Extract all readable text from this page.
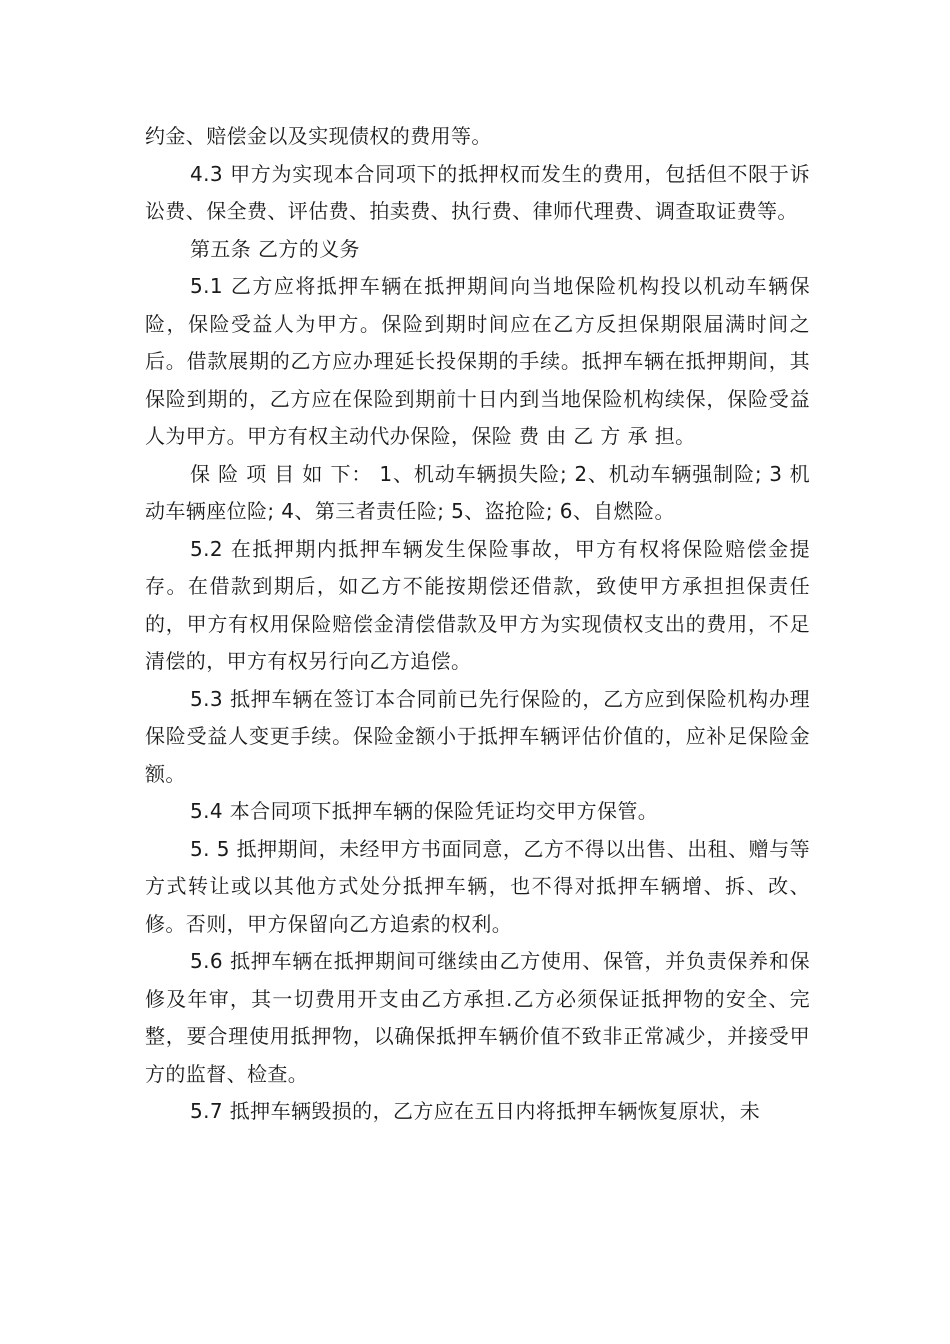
约金、赔偿金以及实现债权的费用等。

4.3 甲方为实现本合同项下的抵押权而发生的费用，包括但不限于诉讼费、保全费、评估费、拍卖费、执行费、律师代理费、调查取证费等。

第五条 乙方的义务

5.1 乙方应将抵押车辆在抵押期间向当地保险机构投以机动车辆保险，保险受益人为甲方。保险到期时间应在乙方反担保期限届满时间之后。借款展期的乙方应办理延长投保期的手续。抵押车辆在抵押期间，其保险到期的，乙方应在保险到期前十日内到当地保险机构续保，保险受益人为甲方。甲方有权主动代办保险，保险 费 由 乙 方 承 担。

保 险 项 目 如 下： 1、机动车辆损失险; 2、机动车辆强制险; 3 机动车辆座位险; 4、第三者责任险; 5、盗抢险; 6、自燃险。

5.2 在抵押期内抵押车辆发生保险事故，甲方有权将保险赔偿金提存。在借款到期后，如乙方不能按期偿还借款，致使甲方承担担保责任的，甲方有权用保险赔偿金清偿借款及甲方为实现债权支出的费用，不足清偿的，甲方有权另行向乙方追偿。

5.3 抵押车辆在签订本合同前已先行保险的，乙方应到保险机构办理保险受益人变更手续。保险金额小于抵押车辆评估价值的，应补足保险金额。

5.4 本合同项下抵押车辆的保险凭证均交甲方保管。

5. 5 抵押期间，未经甲方书面同意，乙方不得以出售、出租、赠与等方式转让或以其他方式处分抵押车辆，也不得对抵押车辆增、拆、改、修。否则，甲方保留向乙方追索的权利。

5.6 抵押车辆在抵押期间可继续由乙方使用、保管，并负责保养和保修及年审，其一切费用开支由乙方承担.乙方必须保证抵押物的安全、完整，要合理使用抵押物，以确保抵押车辆价值不致非正常减少，并接受甲方的监督、检查。

5.7 抵押车辆毁损的，乙方应在五日内将抵押车辆恢复原状，未
